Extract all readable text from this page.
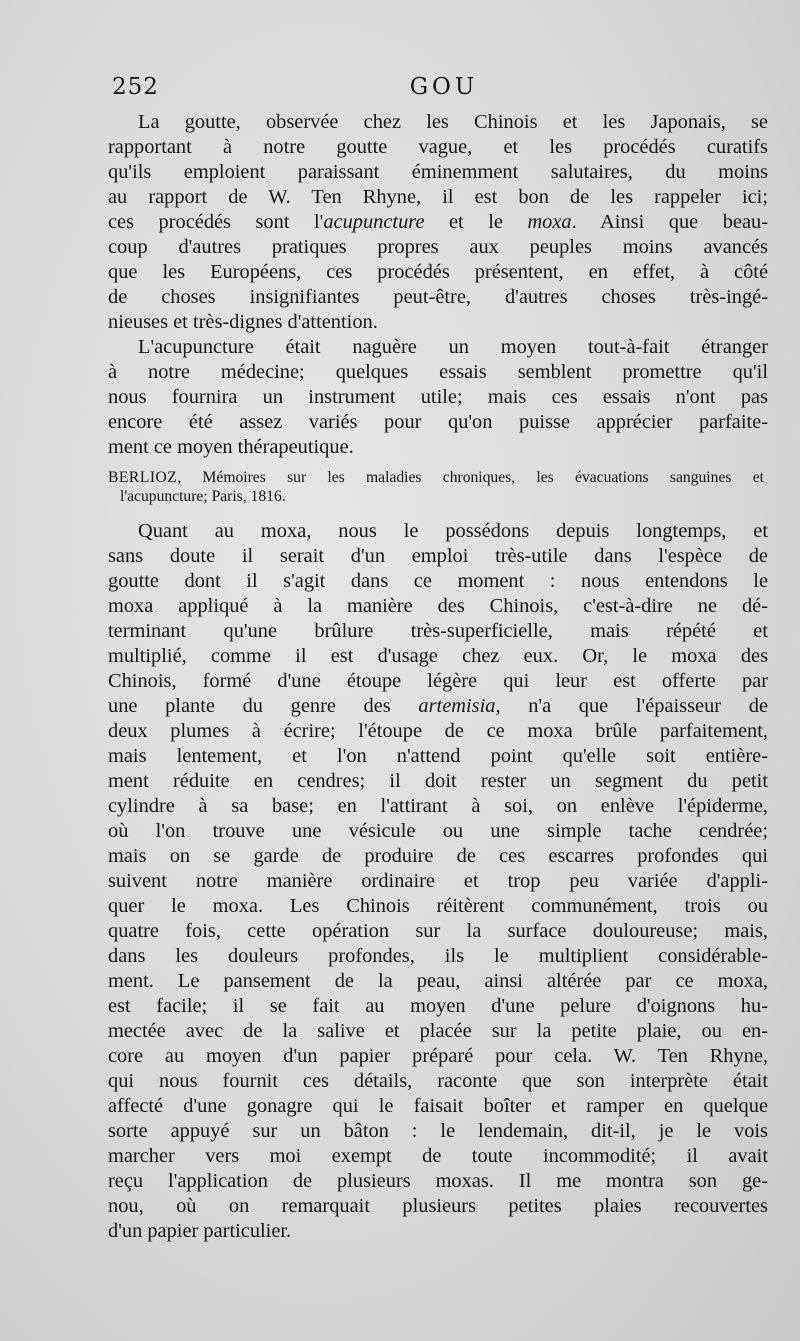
252	GOU
La goutte, observée chez les Chinois et les Japonais, se
rapportant à notre goutte vague, et les procédés curatifs
qu'ils emploient paraissant éminemment salutaires, du moins
au rapport de W. Ten Rhyne, il est bon de les rappeler ici;
ces procédés sont l'acupuncture et le moxa. Ainsi que beau-
coup d'autres pratiques propres aux peuples moins avancés
que les Européens, ces procédés présentent, en effet, à côté
de choses insignifiantes peut-être, d'autres choses très-ingé-
nieuses et très-dignes d'attention.
L'acupuncture était naguère un moyen tout-à-fait étranger
à notre médecine; quelques essais semblent promettre qu'il
nous fournira un instrument utile; mais ces essais n'ont pas
encore été assez variés pour qu'on puisse apprécier parfaite-
ment ce moyen thérapeutique.
BERLIOZ, Mémoires sur les maladies chroniques, les évacuations sanguines et
l'acupuncture; Paris, 1816.
Quant au moxa, nous le possédons depuis longtemps, et
sans doute il serait d'un emploi très-utile dans l'espèce de
goutte dont il s'agit dans ce moment : nous entendons le
moxa appliqué à la manière des Chinois, c'est-à-dire ne dé-
terminant qu'une brûlure très-superficielle, mais répété et
multiplié, comme il est d'usage chez eux. Or, le moxa des
Chinois, formé d'une étoupe légère qui leur est offerte par
une plante du genre des artemisia, n'a que l'épaisseur de
deux plumes à écrire; l'étoupe de ce moxa brûle parfaitement,
mais lentement, et l'on n'attend point qu'elle soit entière-
ment réduite en cendres; il doit rester un segment du petit
cylindre à sa base; en l'attirant à soi, on enlève l'épiderme,
où l'on trouve une vésicule ou une simple tache cendrée;
mais on se garde de produire de ces escarres profondes qui
suivent notre manière ordinaire et trop peu variée d'appli-
quer le moxa. Les Chinois réitèrent communément, trois ou
quatre fois, cette opération sur la surface douloureuse; mais,
dans les douleurs profondes, ils le multiplient considérable-
ment. Le pansement de la peau, ainsi altérée par ce moxa,
est facile; il se fait au moyen d'une pelure d'oignons hu-
mectée avec de la salive et placée sur la petite plaie, ou en-
core au moyen d'un papier préparé pour cela. W. Ten Rhyne,
qui nous fournit ces détails, raconte que son interprète était
affecté d'une gonagre qui le faisait boîter et ramper en quelque
sorte appuyé sur un bâton : le lendemain, dit-il, je le vois
marcher vers moi exempt de toute incommodité; il avait
reçu l'application de plusieurs moxas. Il me montra son ge-
nou, où on remarquait plusieurs petites plaies recouvertes
d'un papier particulier.
